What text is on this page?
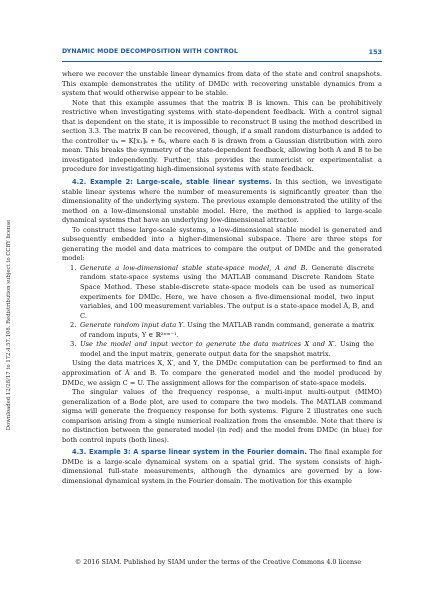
Downloaded 12/28/17 to 172.4.57.108. Redistribution subject to CCBY license
DYNAMIC MODE DECOMPOSITION WITH CONTROL	153

where we recover the unstable linear dynamics from data of the state and control snapshots. This example demonstrates the utility of DMDc with recovering unstable dynamics from a system that would otherwise appear to be stable.

Note that this example assumes that the matrix B is known. This can be prohibitively restrictive when investigating systems with state-dependent feedback. With a control signal that is dependent on the state, it is impossible to reconstruct B using the method described in section 3.3. The matrix B can be recovered, though, if a small random disturbance is added to the controller uₖ = K[x₁]ₖ + δₖ, where each δ is drawn from a Gaussian distribution with zero mean. This breaks the symmetry of the state-dependent feedback, allowing both A and B to be investigated independently. Further, this provides the numericist or experimentalist a procedure for investigating high-dimensional systems with state feedback.

4.2. Example 2: Large-scale, stable linear systems. In this section, we investigate stable linear systems where the number of measurements is significantly greater than the dimensionality of the underlying system. The previous example demonstrated the utility of the method on a low-dimensional unstable model. Here, the method is applied to large-scale dynamical systems that have an underlying low-dimensional attractor.

To construct these large-scale systems, a low-dimensional stable model is generated and subsequently embedded into a higher-dimensional subspace. There are three steps for generating the model and data matrices to compare the output of DMDc and the generated model:

1. Generate a low-dimensional stable state-space model, A and B. Generate discrete random state-space systems using the MATLAB command Discrete Random State Space Method. These stable-discrete state-space models can be used as numerical experiments for DMDc. Here, we have chosen a five-dimensional model, two input variables, and 100 measurement variables. The output is a state-space model Ã, B, and C.
2. Generate random input data Υ. Using the MATLAB randn command, generate a matrix of random inputs, Υ ∈ ℝ²ˣᵐ⁻¹.
3. Use the model and input vector to generate the data matrices X and X′. Using the model and the input matrix, generate output data for the snapshot matrix.

Using the data matrices X, X′, and Υ, the DMDc computation can be performed to find an approximation of Ã and B. To compare the generated model and the model produced by DMDc, we assign C = U. The assignment allows for the comparison of state-space models.

The singular values of the frequency response, a multi-input multi-output (MIMO) generalization of a Bode plot, are used to compare the two models. The MATLAB command sigma will generate the frequency response for both systems. Figure 2 illustrates one such comparison arising from a single numerical realization from the ensemble. Note that there is no distinction between the generated model (in red) and the model from DMDc (in blue) for both control inputs (both lines).

4.3. Example 3: A sparse linear system in the Fourier domain. The final example for DMDc is a large-scale dynamical system on a spatial grid. The system consists of high-dimensional full-state measurements, although the dynamics are governed by a low-dimensional dynamical system in the Fourier domain. The motivation for this example

© 2016 SIAM. Published by SIAM under the terms of the Creative Commons 4.0 license
